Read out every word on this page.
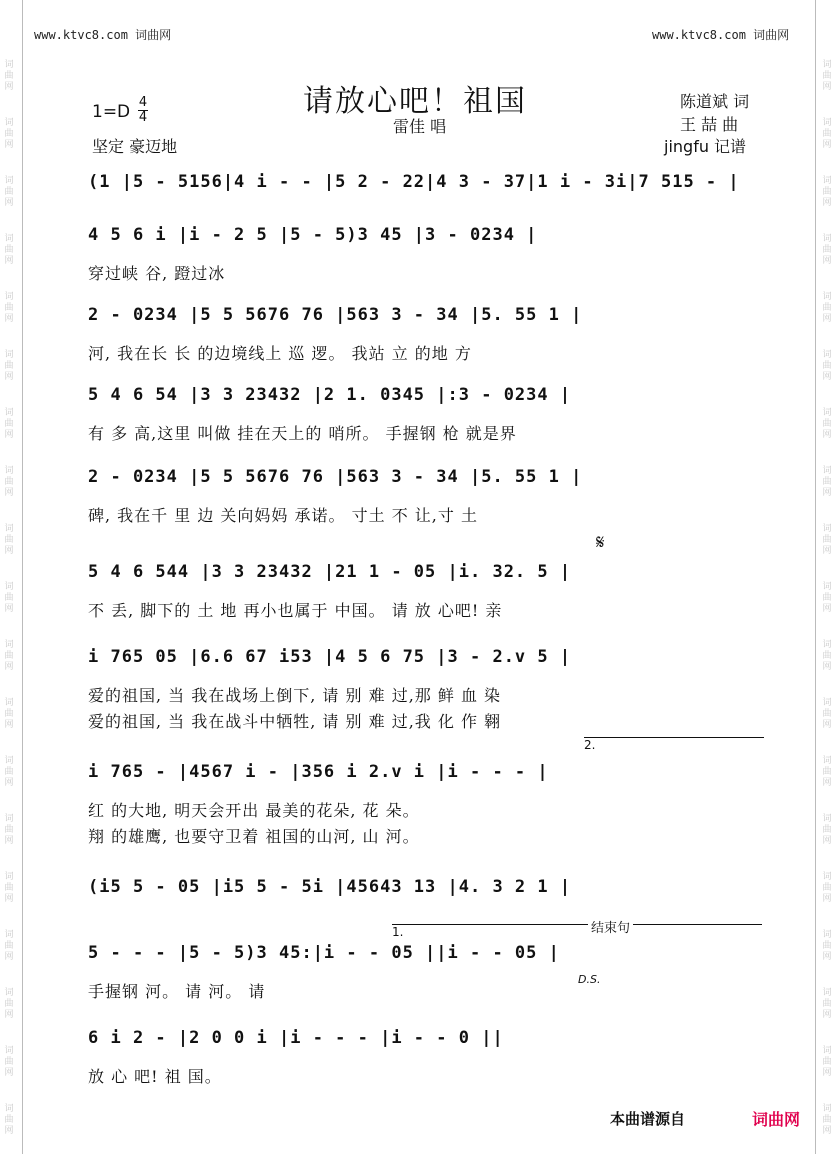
词曲网
词曲网
词曲网
词曲网
词曲网
词曲网
词曲网
词曲网
词曲网
词曲网
词曲网
词曲网
词曲网
词曲网
词曲网
词曲网
词曲网
词曲网
词曲网
词曲网
词曲网
词曲网
词曲网
词曲网
词曲网
词曲网
词曲网
词曲网
词曲网
词曲网
词曲网
词曲网
词曲网
词曲网
词曲网
词曲网
词曲网
词曲网
www.ktvc8.com 词曲网	www.ktvc8.com 词曲网
请放心吧！祖国
1=D 4
4
坚定 豪迈地
雷佳 唱
陈道斌 词
王 喆 曲
jingfu 记谱
(1 |5 - 5156|4 i - - |5 2 - 22|4 3 - 37|1 i - 3i|7 515 - |
4 5 6 i |i - 2 5 |5 - 5)3 45 |3 - 0234 |
穿过峡 谷, 蹬过冰
2 - 0234 |5 5 5676 76 |563 3 - 34 |5. 55 1 |
河, 我在长 长 的边境线上 巡 逻。 我站 立 的地 方
5 4 6 54 |3 3 23432 |2 1. 0345 |:3 - 0234 |
有 多 高,这里 叫做 挂在天上的 哨所。 手握钢 枪 就是界
2 - 0234 |5 5 5676 76 |563 3 - 34 |5. 55 1 |
碑, 我在千 里 边 关向妈妈 承诺。 寸土 不 让,寸 土
5 4 6 544 |3 3 23432 |21 1 - 05 |i. 32. 5 |
不 丢, 脚下的 土 地 再小也属于 中国。 请 放 心吧! 亲
i 765 05 |6.6 67 i53 |4 5 6 75 |3 - 2.v 5 |
爱的祖国, 当 我在战场上倒下, 请 别 难 过,那 鲜 血 染
爱的祖国, 当 我在战斗中牺牲, 请 别 难 过,我 化 作 翱
i 765 - |4567 i - |356 i 2.v i |i - - - |
红 的大地, 明天会开出 最美的花朵, 花 朵。
翔 的雄鹰, 也要守卫着 祖国的山河, 山 河。
(i5 5 - 05 |i5 5 - 5i |45643 13 |4. 3 2 1 |
5 - - - |5 - 5)3 45:|i - - 05 ||i - - 05 |
手握钢 河。 请 河。 请
6 i 2 - |2 0 0 i |i - - - |i - - 0 ||
放 心 吧! 祖 国。
2.
1.	结束句
𝄋
D.S.
本曲谱源自	词曲网
